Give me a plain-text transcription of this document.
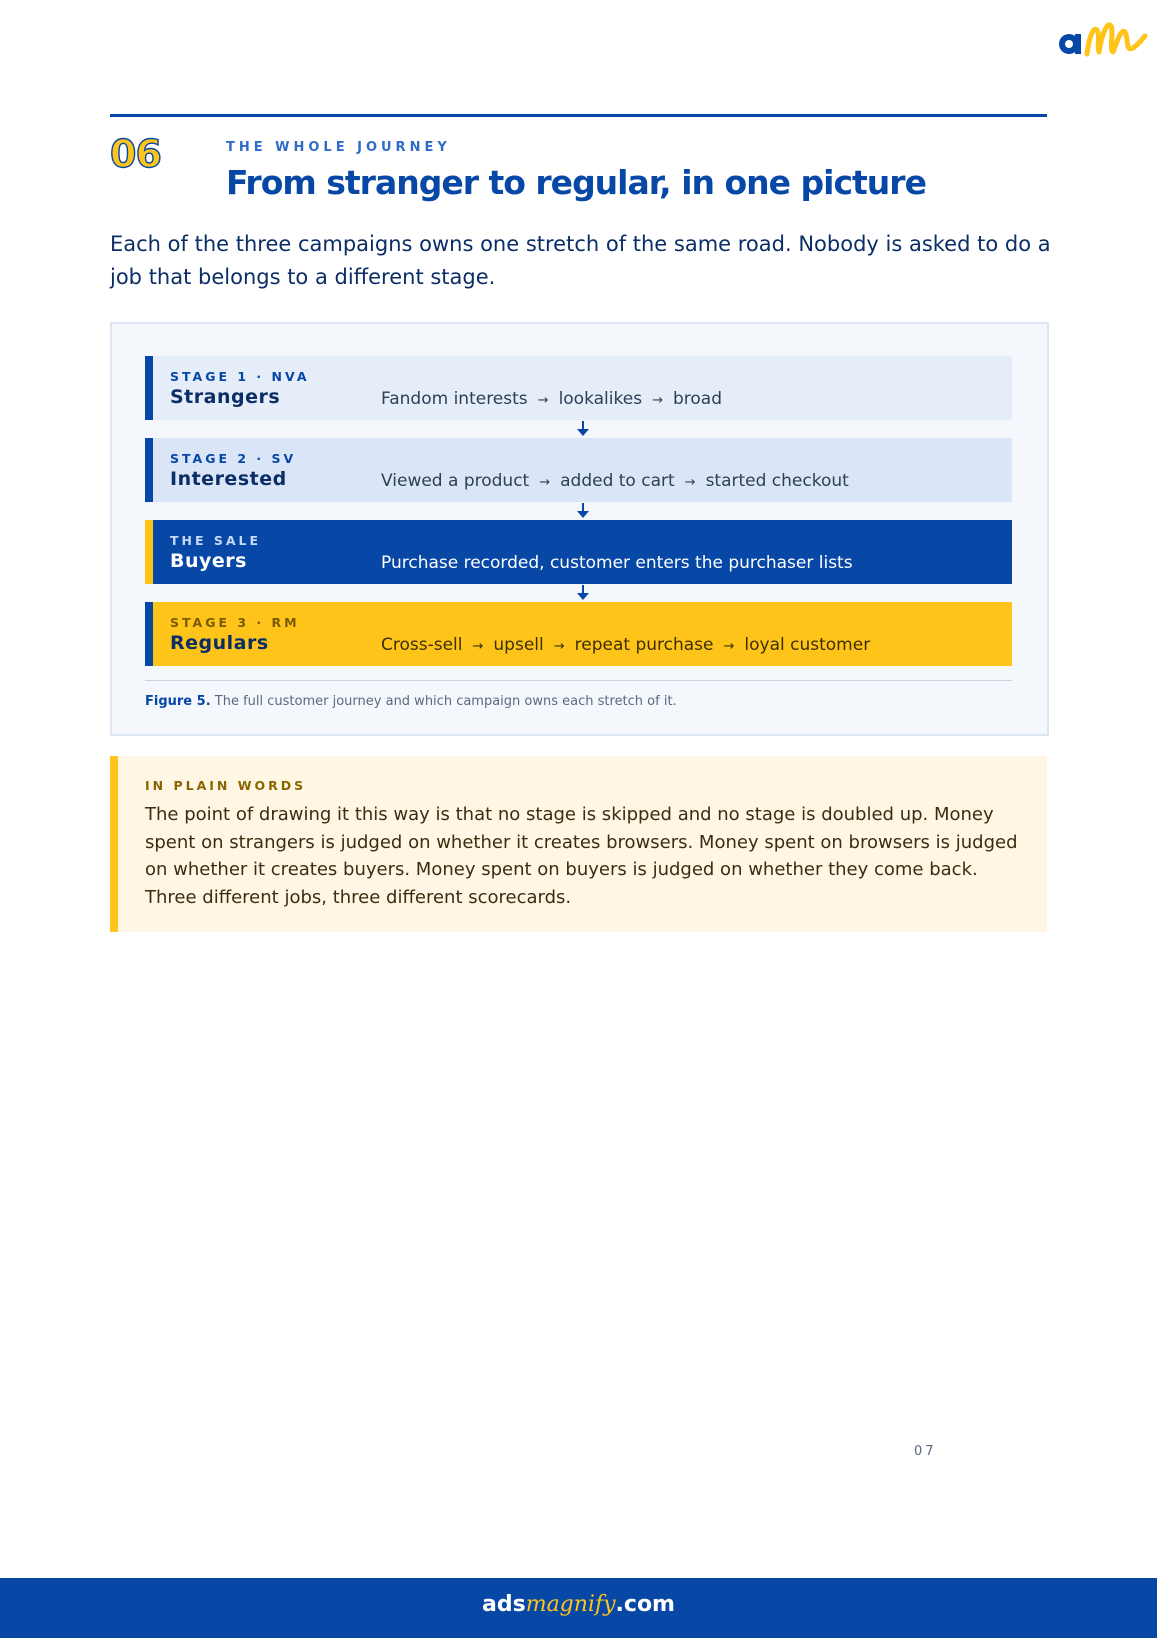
06	THE WHOLE JOURNEY
From stranger to regular, in one picture
Each of the three campaigns owns one stretch of the same road. Nobody is asked to do a job that belongs to a different stage.
STAGE 1 · NVA
Strangers	Fandom interests → lookalikes → broad
STAGE 2 · SV
Interested	Viewed a product → added to cart → started checkout
THE SALE
Buyers	Purchase recorded, customer enters the purchaser lists
STAGE 3 · RM
Regulars	Cross-sell → upsell → repeat purchase → loyal customer
Figure 5. The full customer journey and which campaign owns each stretch of it.
IN PLAIN WORDS
The point of drawing it this way is that no stage is skipped and no stage is doubled up. Money spent on strangers is judged on whether it creates browsers. Money spent on browsers is judged on whether it creates buyers. Money spent on buyers is judged on whether they come back. Three different jobs, three different scorecards.
07
adsmagnify.com
